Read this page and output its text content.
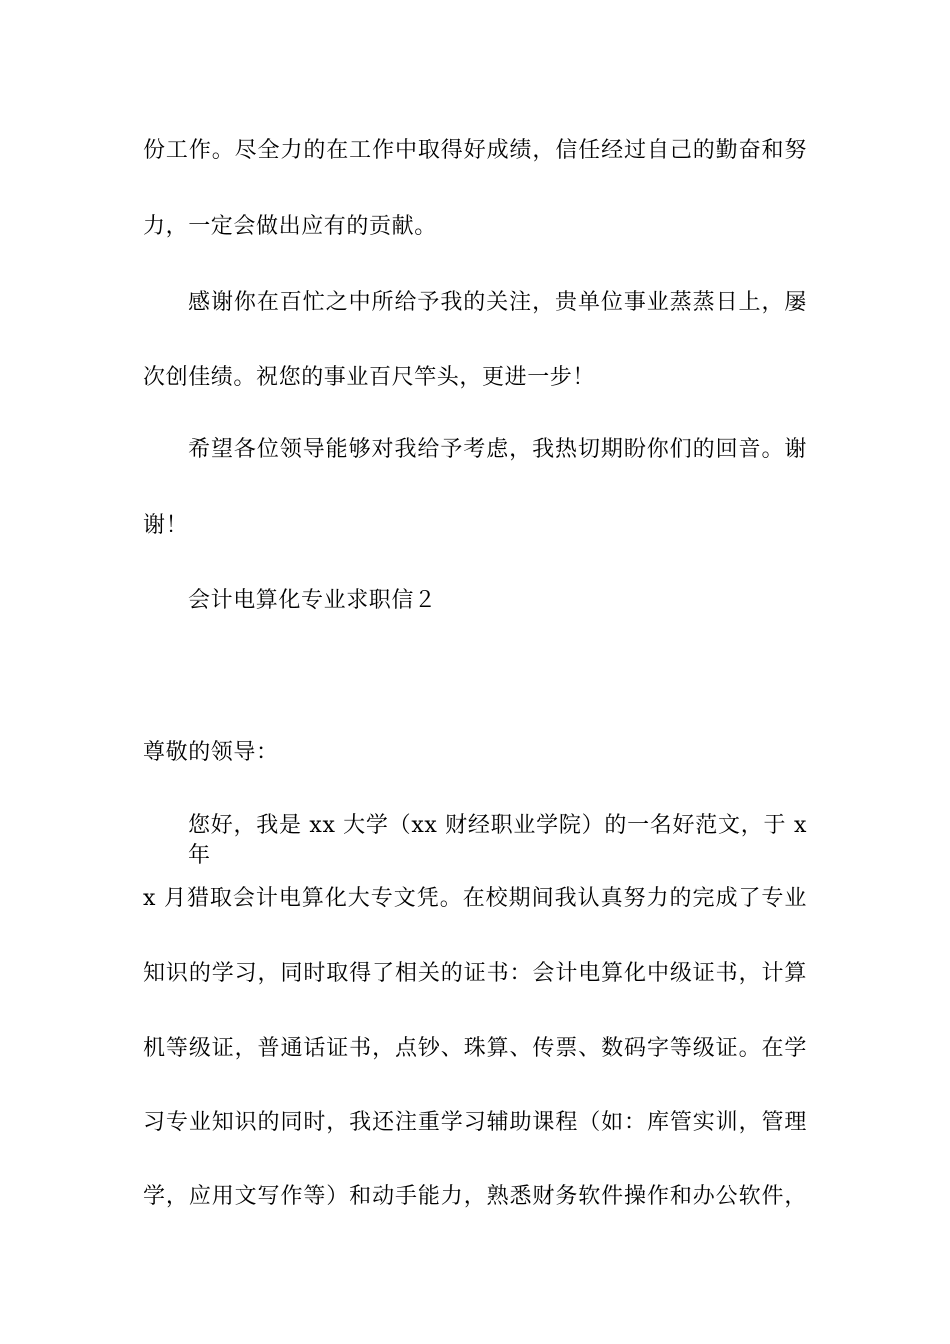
份工作。尽全力的在工作中取得好成绩，信任经过自己的勤奋和努
力，一定会做出应有的贡献。
感谢你在百忙之中所给予我的关注，贵单位事业蒸蒸日上，屡
次创佳绩。祝您的事业百尺竿头，更进一步！
希望各位领导能够对我给予考虑，我热切期盼你们的回音。谢
谢！
会计电算化专业求职信２
尊敬的领导：
您好，我是 xx 大学（xx 财经职业学院）的一名好范文，于 x 年
x 月猎取会计电算化大专文凭。在校期间我认真努力的完成了专业
知识的学习，同时取得了相关的证书：会计电算化中级证书，计算
机等级证，普通话证书，点钞、珠算、传票、数码字等级证。在学
习专业知识的同时，我还注重学习辅助课程（如：库管实训，管理
学，应用文写作等）和动手能力，熟悉财务软件操作和办公软件，
